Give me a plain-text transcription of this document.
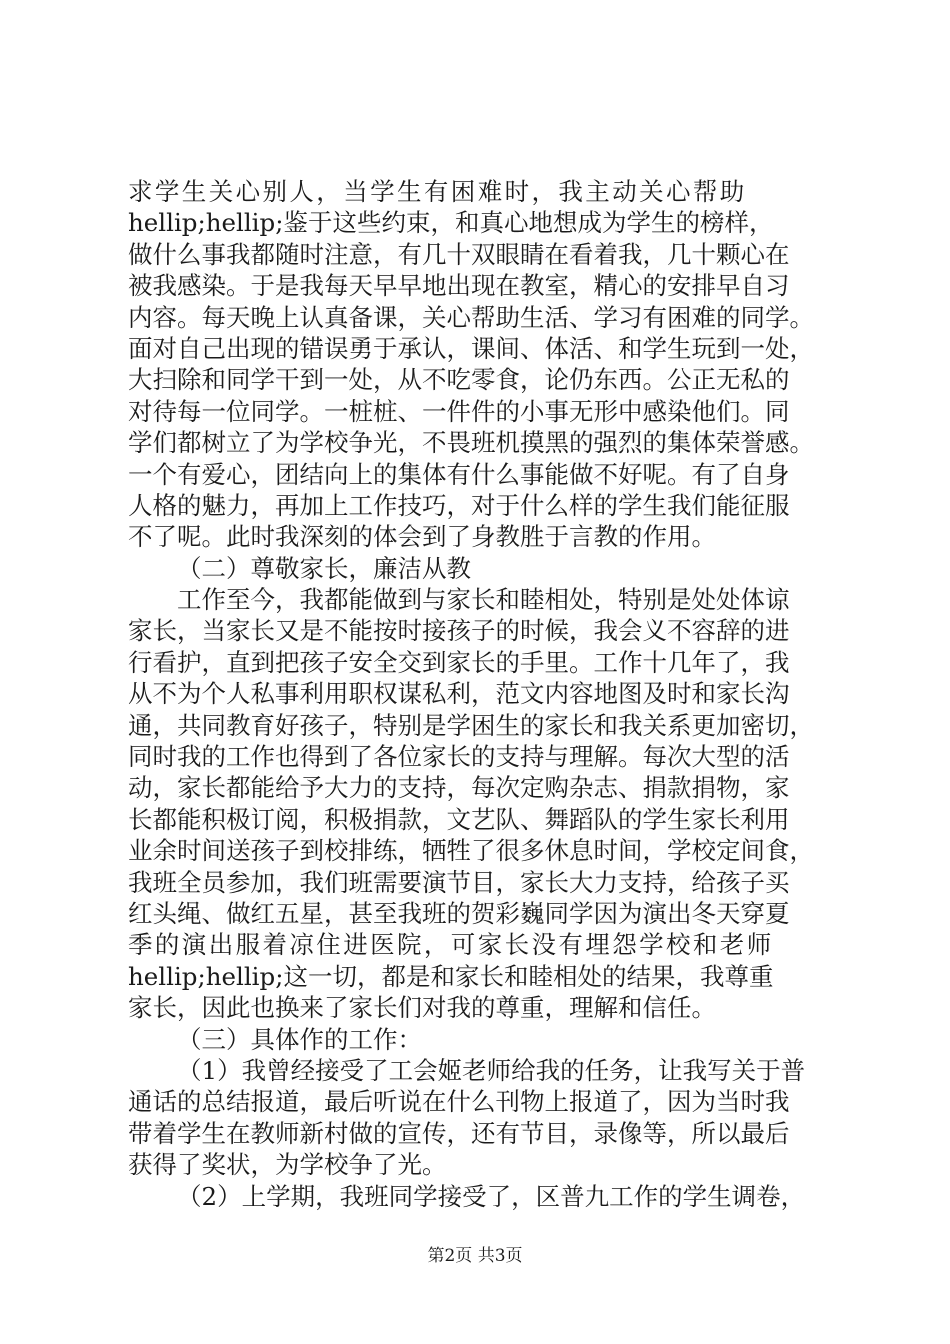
求学生关心别人，当学生有困难时，我主动关心帮助
hellip;hellip;鉴于这些约束，和真心地想成为学生的榜样，
做什么事我都随时注意，有几十双眼睛在看着我，几十颗心在
被我感染。于是我每天早早地出现在教室，精心的安排早自习
内容。每天晚上认真备课，关心帮助生活、学习有困难的同学。
面对自己出现的错误勇于承认，课间、体活、和学生玩到一处，
大扫除和同学干到一处，从不吃零食，论仍东西。公正无私的
对待每一位同学。一桩桩、一件件的小事无形中感染他们。同
学们都树立了为学校争光，不畏班机摸黑的强烈的集体荣誉感。
一个有爱心，团结向上的集体有什么事能做不好呢。有了自身
人格的魅力，再加上工作技巧，对于什么样的学生我们能征服
不了呢。此时我深刻的体会到了身教胜于言教的作用。
（二）尊敬家长，廉洁从教
工作至今，我都能做到与家长和睦相处，特别是处处体谅
家长，当家长又是不能按时接孩子的时候，我会义不容辞的进
行看护，直到把孩子安全交到家长的手里。工作十几年了，我
从不为个人私事利用职权谋私利，范文内容地图及时和家长沟
通，共同教育好孩子，特别是学困生的家长和我关系更加密切，
同时我的工作也得到了各位家长的支持与理解。每次大型的活
动，家长都能给予大力的支持，每次定购杂志、捐款捐物，家
长都能积极订阅，积极捐款，文艺队、舞蹈队的学生家长利用
业余时间送孩子到校排练，牺牲了很多休息时间，学校定间食，
我班全员参加，我们班需要演节目，家长大力支持，给孩子买
红头绳、做红五星，甚至我班的贺彩巍同学因为演出冬天穿夏
季的演出服着凉住进医院，可家长没有埋怨学校和老师
hellip;hellip;这一切，都是和家长和睦相处的结果，我尊重
家长，因此也换来了家长们对我的尊重，理解和信任。
（三）具体作的工作：
（1）我曾经接受了工会姬老师给我的任务，让我写关于普
通话的总结报道，最后听说在什么刊物上报道了，因为当时我
带着学生在教师新村做的宣传，还有节目，录像等，所以最后
获得了奖状，为学校争了光。
（2）上学期，我班同学接受了，区普九工作的学生调卷，
第2页 共3页
